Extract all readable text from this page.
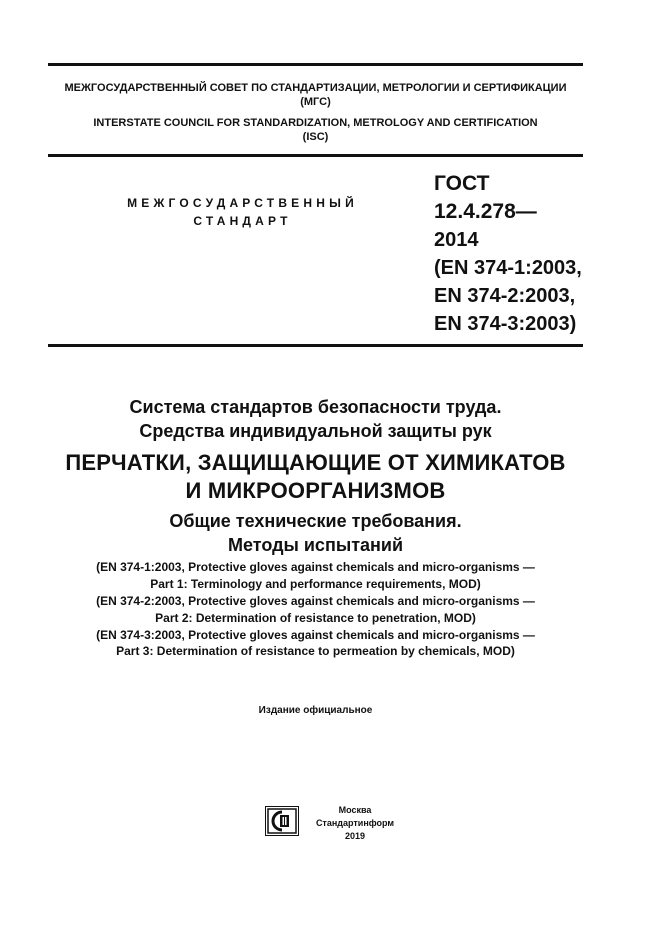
МЕЖГОСУДАРСТВЕННЫЙ СОВЕТ ПО СТАНДАРТИЗАЦИИ, МЕТРОЛОГИИ И СЕРТИФИКАЦИИ
(МГС)
INTERSTATE COUNCIL FOR STANDARDIZATION, METROLOGY AND CERTIFICATION
(ISC)
МЕЖГОСУДАРСТВЕННЫЙ
СТАНДАРТ
ГОСТ
12.4.278—
2014
(EN 374-1:2003,
EN 374-2:2003,
EN 374-3:2003)
Система стандартов безопасности труда.
Средства индивидуальной защиты рук
ПЕРЧАТКИ, ЗАЩИЩАЮЩИЕ ОТ ХИМИКАТОВ
И МИКРООРГАНИЗМОВ
Общие технические требования.
Методы испытаний
(EN 374-1:2003, Protective gloves against chemicals and micro-organisms —
Part 1: Terminology and performance requirements, MOD)
(EN 374-2:2003, Protective gloves against chemicals and micro-organisms —
Part 2: Determination of resistance to penetration, MOD)
(EN 374-3:2003, Protective gloves against chemicals and micro-organisms —
Part 3: Determination of resistance to permeation by chemicals, MOD)
Издание официальное
Москва
Стандартинформ
2019
